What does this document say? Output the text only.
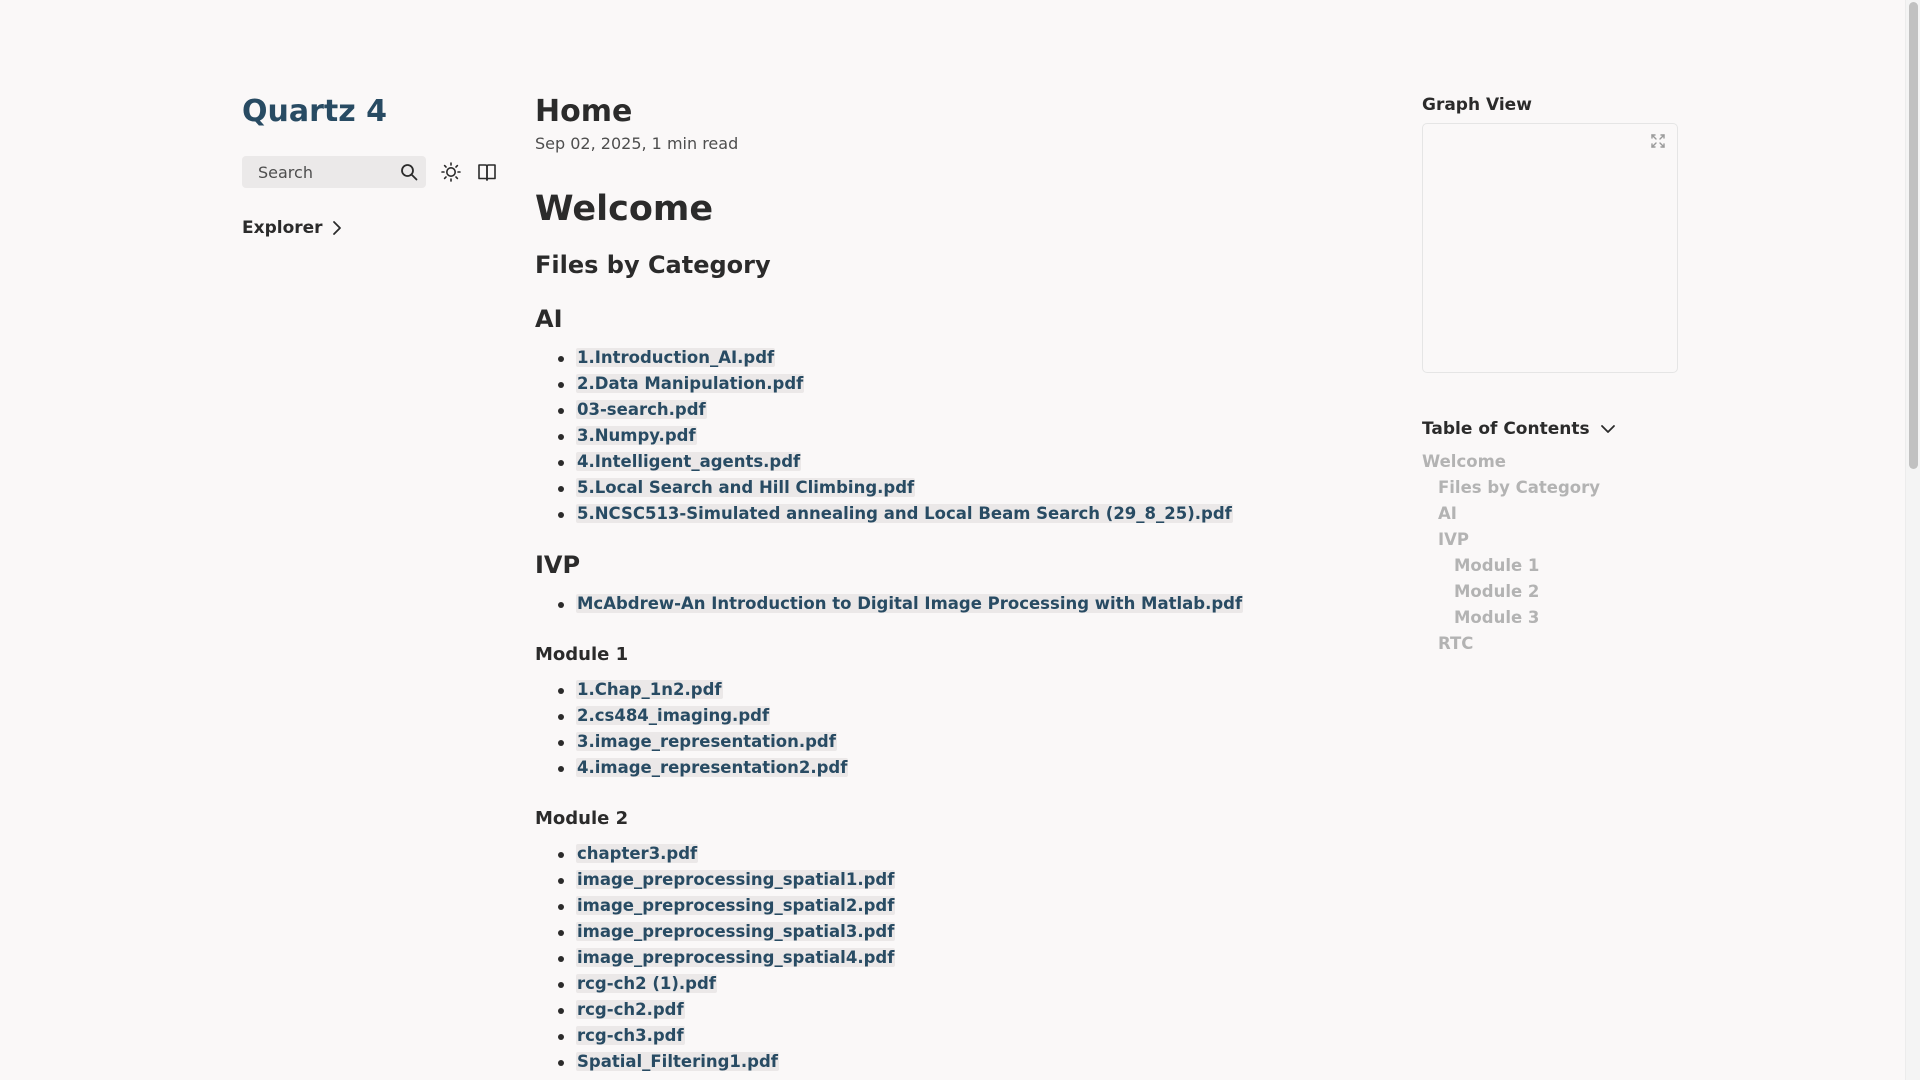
Quartz 4
Search
Explorer
Home
Sep 02, 2025, 1 min read
Welcome
Files by Category
AI
1.Introduction_AI.pdf
2.Data Manipulation.pdf
03-search.pdf
3.Numpy.pdf
4.Intelligent_agents.pdf
5.Local Search and Hill Climbing.pdf
5.NCSC513-Simulated annealing and Local Beam Search (29_8_25).pdf
IVP
McAbdrew-An Introduction to Digital Image Processing with Matlab.pdf
Module 1
1.Chap_1n2.pdf
2.cs484_imaging.pdf
3.image_representation.pdf
4.image_representation2.pdf
Module 2
chapter3.pdf
image_preprocessing_spatial1.pdf
image_preprocessing_spatial2.pdf
image_preprocessing_spatial3.pdf
image_preprocessing_spatial4.pdf
rcg-ch2 (1).pdf
rcg-ch2.pdf
rcg-ch3.pdf
Spatial_Filtering1.pdf
Graph View
Table of Contents
Welcome
Files by Category
AI
IVP
Module 1
Module 2
Module 3
RTC
